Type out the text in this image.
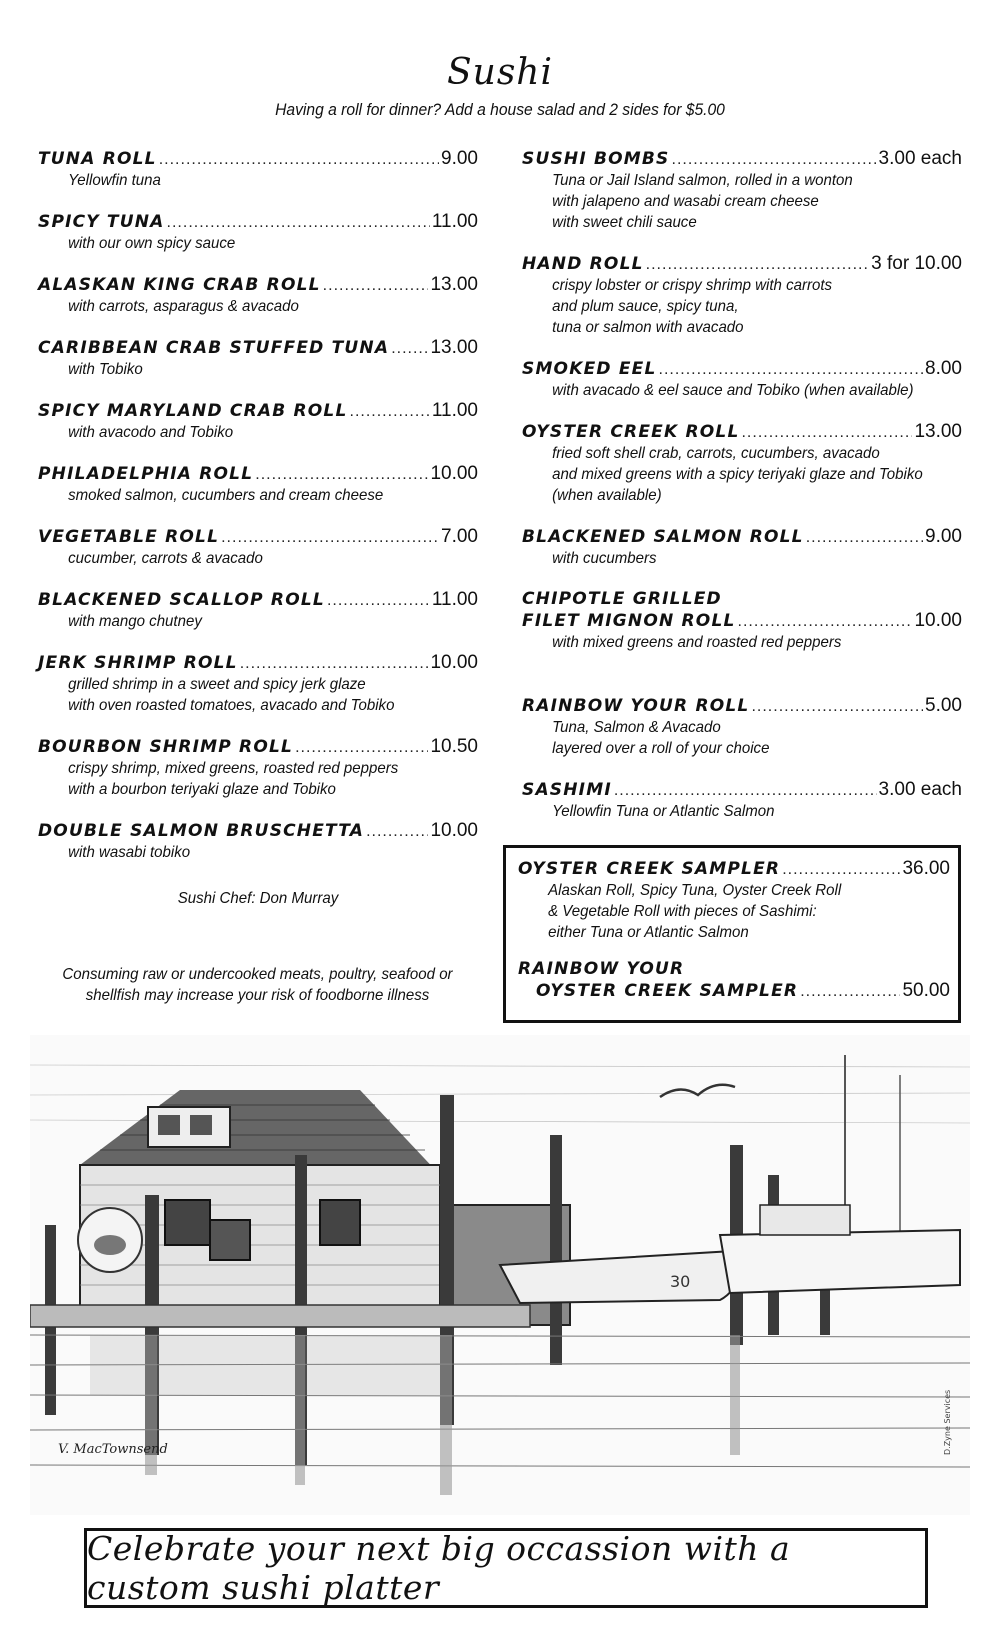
Sushi
Having a roll for dinner? Add a house salad and 2 sides for $5.00
TUNA ROLL .....	9.00
Yellowfin tuna
SPICY TUNA .....	11.00
with our own spicy sauce
ALASKAN KING CRAB ROLL .....	13.00
with carrots, asparagus & avacado
CARIBBEAN CRAB STUFFED TUNA ..... 13.00
with Tobiko
SPICY MARYLAND CRAB ROLL .....	11.00
with avacodo and Tobiko
PHILADELPHIA ROLL .....	10.00
smoked salmon, cucumbers and cream cheese
VEGETABLE ROLL .....	7.00
cucumber, carrots & avacado
BLACKENED SCALLOP ROLL .....	11.00
with mango chutney
JERK SHRIMP ROLL .....	10.00
grilled shrimp in a sweet and spicy jerk glaze
with oven roasted tomatoes, avacado and Tobiko
BOURBON SHRIMP ROLL .....	10.50
crispy shrimp, mixed greens, roasted red peppers
with a bourbon teriyaki glaze and Tobiko
DOUBLE SALMON BRUSCHETTA .....	10.00
with wasabi tobiko
SUSHI BOMBS .....	3.00 each
Tuna or Jail Island salmon, rolled in a wonton
with jalapeno and wasabi cream cheese
with sweet chili sauce
HAND ROLL .....	3 for 10.00
crispy lobster or crispy shrimp with carrots
and plum sauce, spicy tuna,
tuna or salmon with avacado
SMOKED EEL .....	8.00
with avacado & eel sauce and Tobiko (when available)
OYSTER CREEK ROLL .....	13.00
fried soft shell crab, carrots, cucumbers, avacado
and mixed greens with a spicy teriyaki glaze and Tobiko
(when available)
BLACKENED SALMON ROLL .....	9.00
with cucumbers
CHIPOTLE GRILLED
FILET MIGNON ROLL .....	10.00
with mixed greens and roasted red peppers
RAINBOW YOUR ROLL .....	5.00
Tuna, Salmon & Avacado
layered over a roll of your choice
SASHIMI .....	3.00 each
Yellowfin Tuna or Atlantic Salmon
OYSTER CREEK SAMPLER .....	36.00
Alaskan Roll, Spicy Tuna, Oyster Creek Roll
& Vegetable Roll with pieces of Sashimi:
either Tuna or Atlantic Salmon
RAINBOW YOUR
OYSTER CREEK SAMPLER .....	50.00
Sushi Chef: Don Murray
Consuming raw or undercooked meats, poultry, seafood or
shellfish may increase your risk of foodborne illness
30
V. MacTownsend	D.Zyne Services
Celebrate your next big occassion with a custom sushi platter
